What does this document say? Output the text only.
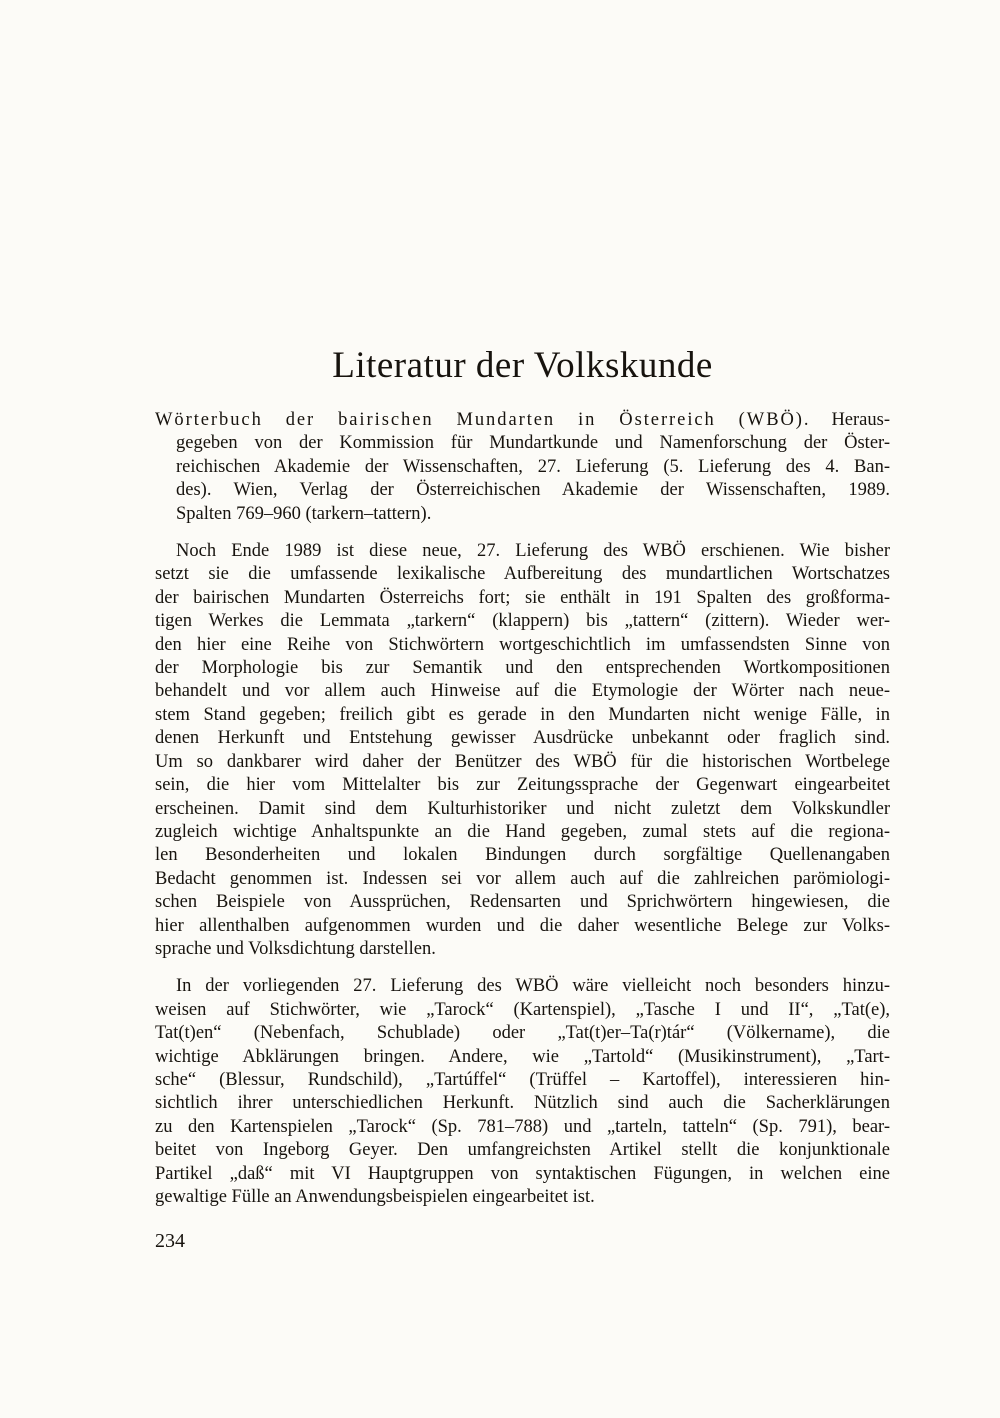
Literatur der Volkskunde
Wörterbuch der bairischen Mundarten in Österreich (WBÖ). Heraus-
gegeben von der Kommission für Mundartkunde und Namenforschung der Öster-
reichischen Akademie der Wissenschaften, 27. Lieferung (5. Lieferung des 4. Ban-
des). Wien, Verlag der Österreichischen Akademie der Wissenschaften, 1989.
Spalten 769–960 (tarkern–tattern).
Noch Ende 1989 ist diese neue, 27. Lieferung des WBÖ erschienen. Wie bisher
setzt sie die umfassende lexikalische Aufbereitung des mundartlichen Wortschatzes
der bairischen Mundarten Österreichs fort; sie enthält in 191 Spalten des großforma-
tigen Werkes die Lemmata „tarkern“ (klappern) bis „tattern“ (zittern). Wieder wer-
den hier eine Reihe von Stichwörtern wortgeschichtlich im umfassendsten Sinne von
der Morphologie bis zur Semantik und den entsprechenden Wortkompositionen
behandelt und vor allem auch Hinweise auf die Etymologie der Wörter nach neue-
stem Stand gegeben; freilich gibt es gerade in den Mundarten nicht wenige Fälle, in
denen Herkunft und Entstehung gewisser Ausdrücke unbekannt oder fraglich sind.
Um so dankbarer wird daher der Benützer des WBÖ für die historischen Wortbelege
sein, die hier vom Mittelalter bis zur Zeitungssprache der Gegenwart eingearbeitet
erscheinen. Damit sind dem Kulturhistoriker und nicht zuletzt dem Volkskundler
zugleich wichtige Anhaltspunkte an die Hand gegeben, zumal stets auf die regiona-
len Besonderheiten und lokalen Bindungen durch sorgfältige Quellenangaben
Bedacht genommen ist. Indessen sei vor allem auch auf die zahlreichen parömiologi-
schen Beispiele von Aussprüchen, Redensarten und Sprichwörtern hingewiesen, die
hier allenthalben aufgenommen wurden und die daher wesentliche Belege zur Volks-
sprache und Volksdichtung darstellen.
In der vorliegenden 27. Lieferung des WBÖ wäre vielleicht noch besonders hinzu-
weisen auf Stichwörter, wie „Tarock“ (Kartenspiel), „Tasche I und II“, „Tat(e),
Tat(t)en“ (Nebenfach, Schublade) oder „Tat(t)er–Ta(r)tár“ (Völkername), die
wichtige Abklärungen bringen. Andere, wie „Tartold“ (Musikinstrument), „Tart-
sche“ (Blessur, Rundschild), „Tartúffel“ (Trüffel – Kartoffel), interessieren hin-
sichtlich ihrer unterschiedlichen Herkunft. Nützlich sind auch die Sacherklärungen
zu den Kartenspielen „Tarock“ (Sp. 781–788) und „tarteln, tatteln“ (Sp. 791), bear-
beitet von Ingeborg Geyer. Den umfangreichsten Artikel stellt die konjunktionale
Partikel „daß“ mit VI Hauptgruppen von syntaktischen Fügungen, in welchen eine
gewaltige Fülle an Anwendungsbeispielen eingearbeitet ist.
234
